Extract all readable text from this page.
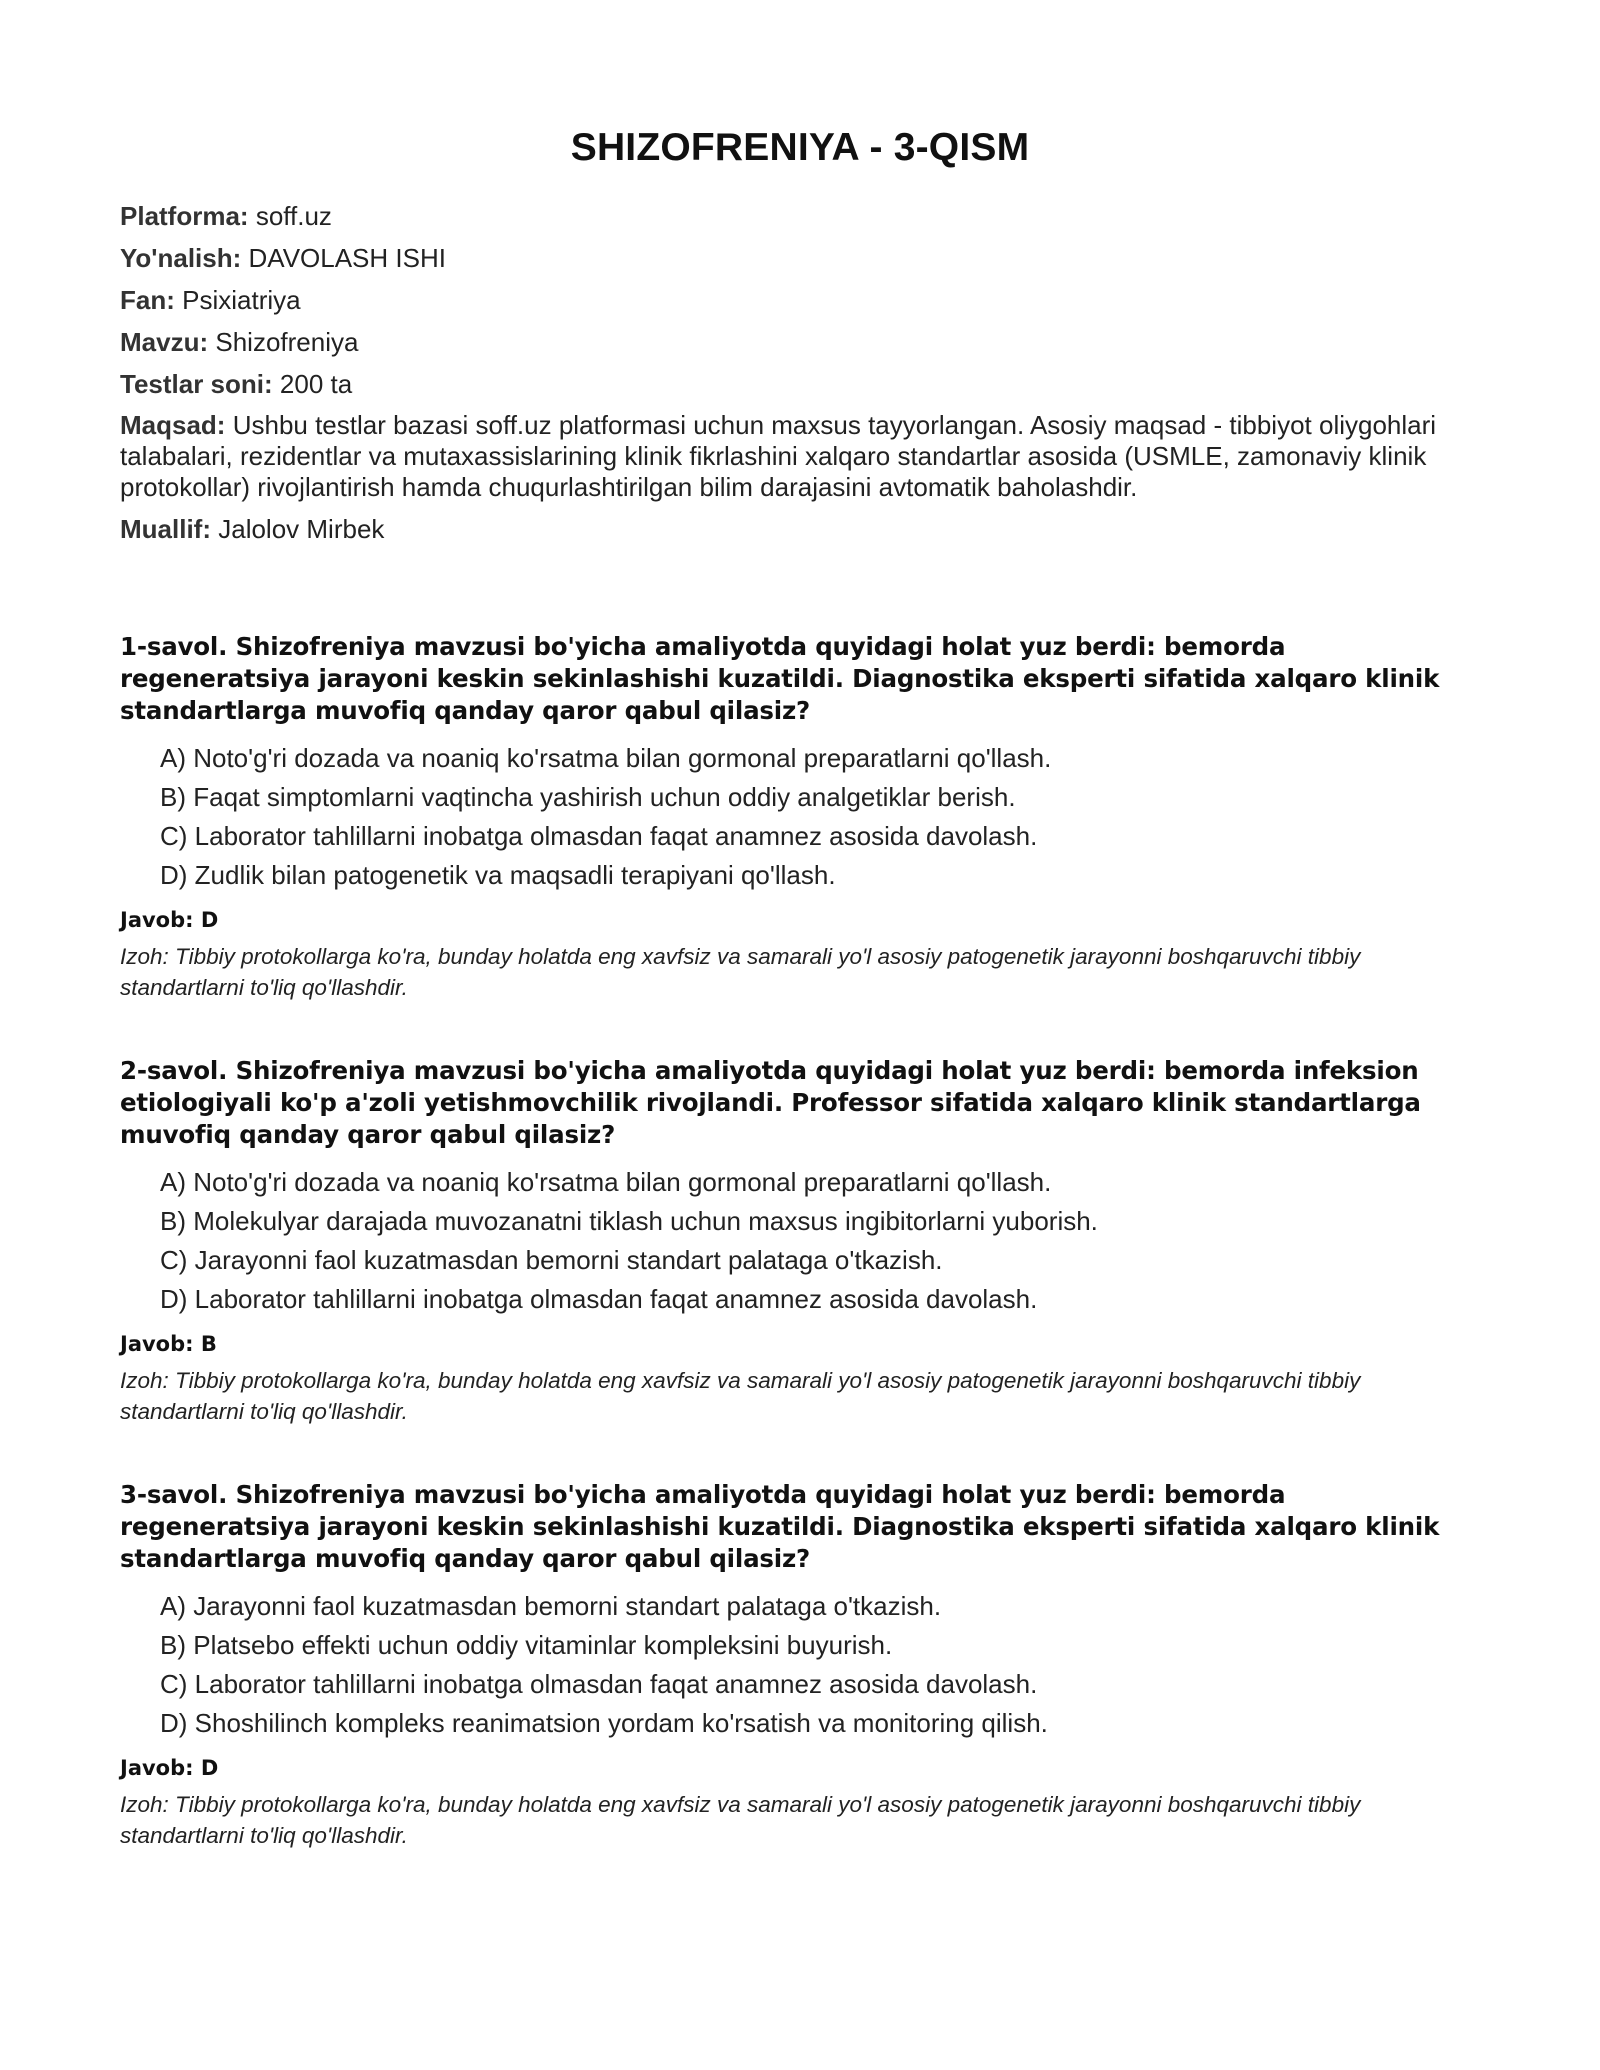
SHIZOFRENIYA - 3-QISM
Platforma: soff.uz
Yo'nalish: DAVOLASH ISHI
Fan: Psixiatriya
Mavzu: Shizofreniya
Testlar soni: 200 ta
Maqsad: Ushbu testlar bazasi soff.uz platformasi uchun maxsus tayyorlangan. Asosiy maqsad - tibbiyot oliygohlari talabalari, rezidentlar va mutaxassislarining klinik fikrlashini xalqaro standartlar asosida (USMLE, zamonaviy klinik protokollar) rivojlantirish hamda chuqurlashtirilgan bilim darajasini avtomatik baholashdir.
Muallif: Jalolov Mirbek
1-savol. Shizofreniya mavzusi bo'yicha amaliyotda quyidagi holat yuz berdi: bemorda regeneratsiya jarayoni keskin sekinlashishi kuzatildi. Diagnostika eksperti sifatida xalqaro klinik standartlarga muvofiq qanday qaror qabul qilasiz?
A) Noto'g'ri dozada va noaniq ko'rsatma bilan gormonal preparatlarni qo'llash.
B) Faqat simptomlarni vaqtincha yashirish uchun oddiy analgetiklar berish.
C) Laborator tahlillarni inobatga olmasdan faqat anamnez asosida davolash.
D) Zudlik bilan patogenetik va maqsadli terapiyani qo'llash.
Javob: D
Izoh: Tibbiy protokollarga ko'ra, bunday holatda eng xavfsiz va samarali yo'l asosiy patogenetik jarayonni boshqaruvchi tibbiy standartlarni to'liq qo'llashdir.
2-savol. Shizofreniya mavzusi bo'yicha amaliyotda quyidagi holat yuz berdi: bemorda infeksion etiologiyali ko'p a'zoli yetishmovchilik rivojlandi. Professor sifatida xalqaro klinik standartlarga muvofiq qanday qaror qabul qilasiz?
A) Noto'g'ri dozada va noaniq ko'rsatma bilan gormonal preparatlarni qo'llash.
B) Molekulyar darajada muvozanatni tiklash uchun maxsus ingibitorlarni yuborish.
C) Jarayonni faol kuzatmasdan bemorni standart palataga o'tkazish.
D) Laborator tahlillarni inobatga olmasdan faqat anamnez asosida davolash.
Javob: B
Izoh: Tibbiy protokollarga ko'ra, bunday holatda eng xavfsiz va samarali yo'l asosiy patogenetik jarayonni boshqaruvchi tibbiy standartlarni to'liq qo'llashdir.
3-savol. Shizofreniya mavzusi bo'yicha amaliyotda quyidagi holat yuz berdi: bemorda regeneratsiya jarayoni keskin sekinlashishi kuzatildi. Diagnostika eksperti sifatida xalqaro klinik standartlarga muvofiq qanday qaror qabul qilasiz?
A) Jarayonni faol kuzatmasdan bemorni standart palataga o'tkazish.
B) Platsebo effekti uchun oddiy vitaminlar kompleksini buyurish.
C) Laborator tahlillarni inobatga olmasdan faqat anamnez asosida davolash.
D) Shoshilinch kompleks reanimatsion yordam ko'rsatish va monitoring qilish.
Javob: D
Izoh: Tibbiy protokollarga ko'ra, bunday holatda eng xavfsiz va samarali yo'l asosiy patogenetik jarayonni boshqaruvchi tibbiy standartlarni to'liq qo'llashdir.
